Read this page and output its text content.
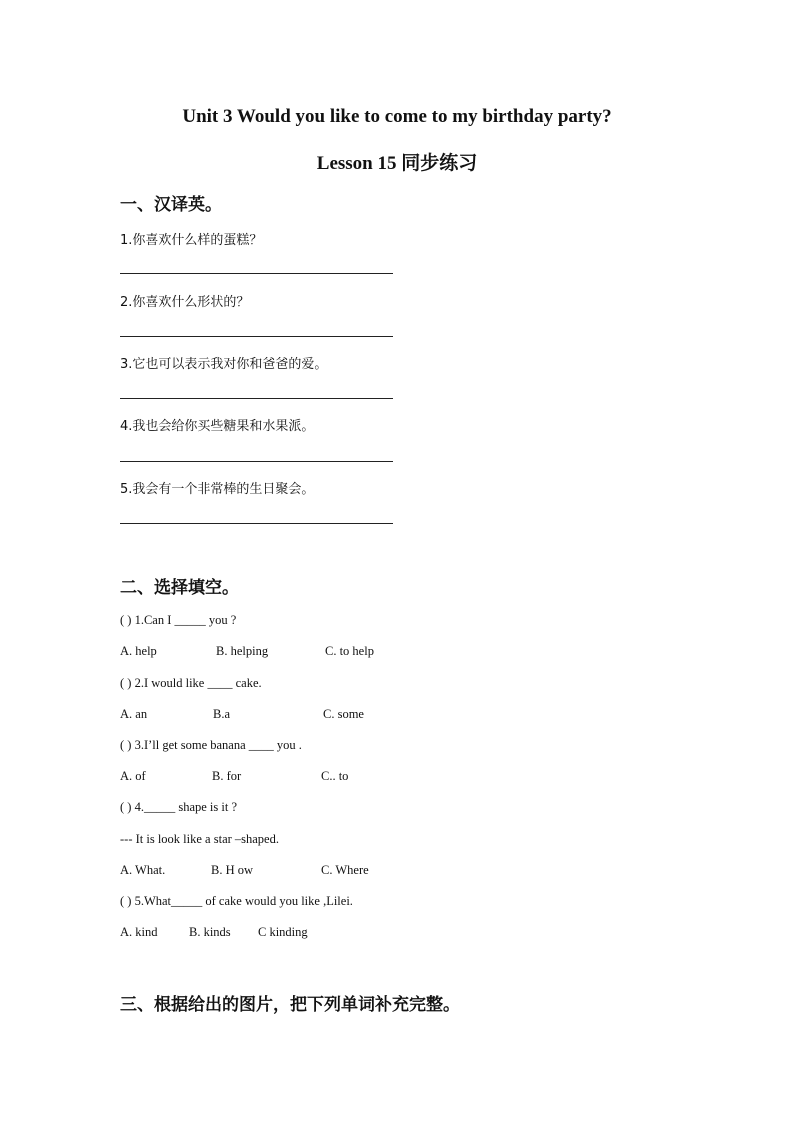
Unit 3 Would you like to come to my birthday party?
Lesson 15 同步练习
一、汉译英。
1.你喜欢什么样的蛋糕？
2.你喜欢什么形状的？
3.它也可以表示我对你和爸爸的爱。
4.我也会给你买些糖果和水果派。
5.我会有一个非常棒的生日聚会。
二、选择填空。
( ) 1.Can I _____ you ?
A. help	B. helping	C. to help
( ) 2.I would like ____ cake.
A. an	B.a	C. some
( ) 3.I’ll get some banana ____ you .
A. of	B. for	C.. to
( ) 4._____ shape is it ?
--- It is look like a star –shaped.
A. What.	B. H ow	C. Where
( ) 5.What_____ of cake would you like ,Lilei.
A. kind	B. kinds C kinding
三、根据给出的图片，把下列单词补充完整。
